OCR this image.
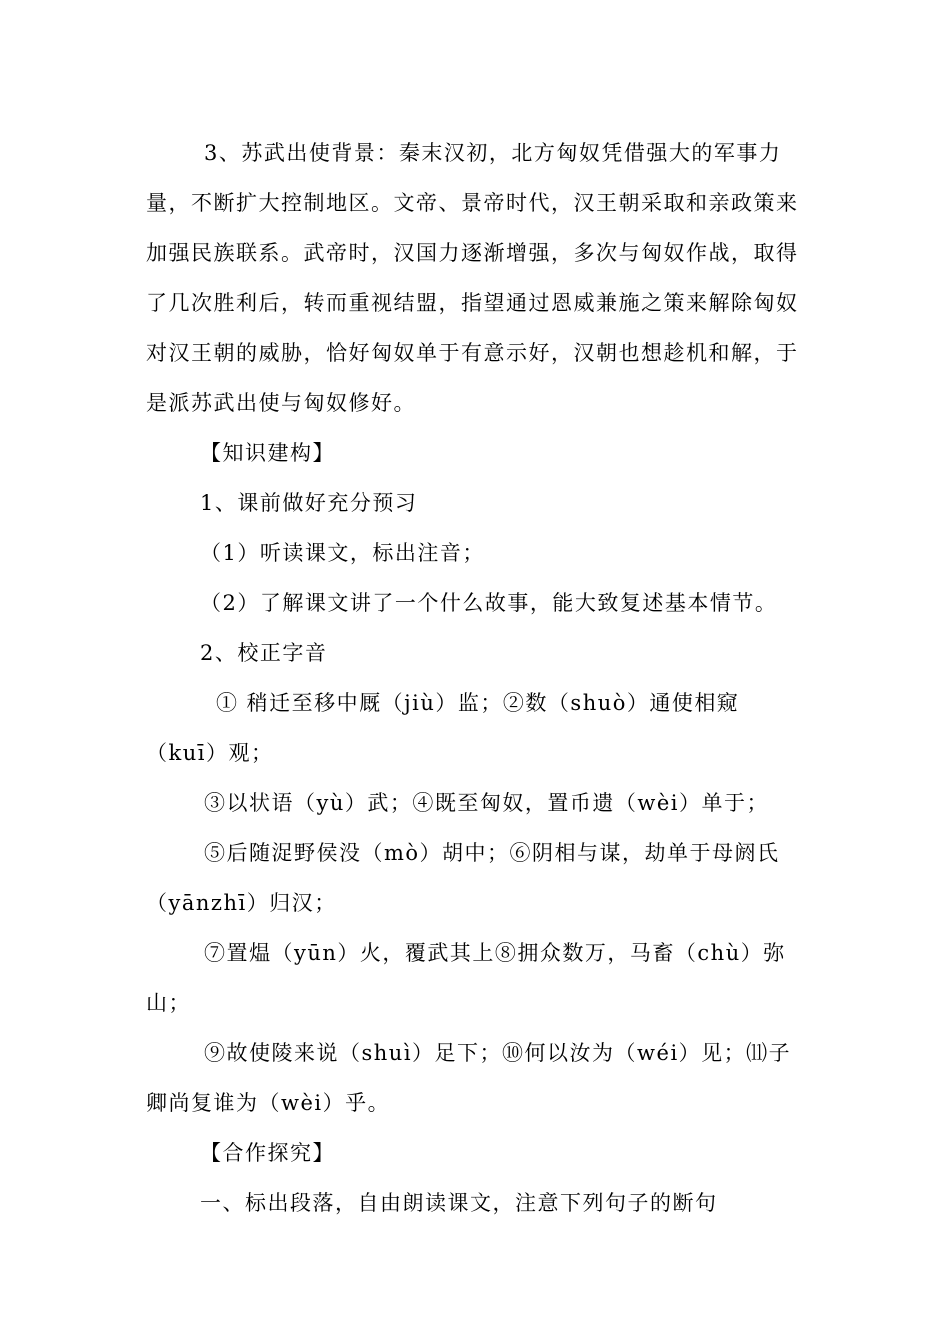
3、苏武出使背景：秦末汉初，北方匈奴凭借强大的军事力
量，不断扩大控制地区。文帝、景帝时代，汉王朝采取和亲政策来
加强民族联系。武帝时，汉国力逐渐增强，多次与匈奴作战，取得
了几次胜利后，转而重视结盟，指望通过恩威兼施之策来解除匈奴
对汉王朝的威胁，恰好匈奴单于有意示好，汉朝也想趁机和解，于
是派苏武出使与匈奴修好。
【知识建构】
1、课前做好充分预习
（1）听读课文，标出注音；
（2）了解课文讲了一个什么故事，能大致复述基本情节。
2、校正字音
① 稍迁至移中厩（jiù）监；②数（shuò）通使相窥
（kuī）观；
③以状语（yù）武；④既至匈奴，置币遗（wèi）单于；
⑤后随浞野侯没（mò）胡中；⑥阴相与谋，劫单于母阏氏
（yānzhī）归汉；
⑦置煴（yūn）火，覆武其上⑧拥众数万，马畜（chù）弥
山；
⑨故使陵来说（shuì）足下；⑩何以汝为（wéi）见；⑾子
卿尚复谁为（wèi）乎。
【合作探究】
一、标出段落，自由朗读课文，注意下列句子的断句
